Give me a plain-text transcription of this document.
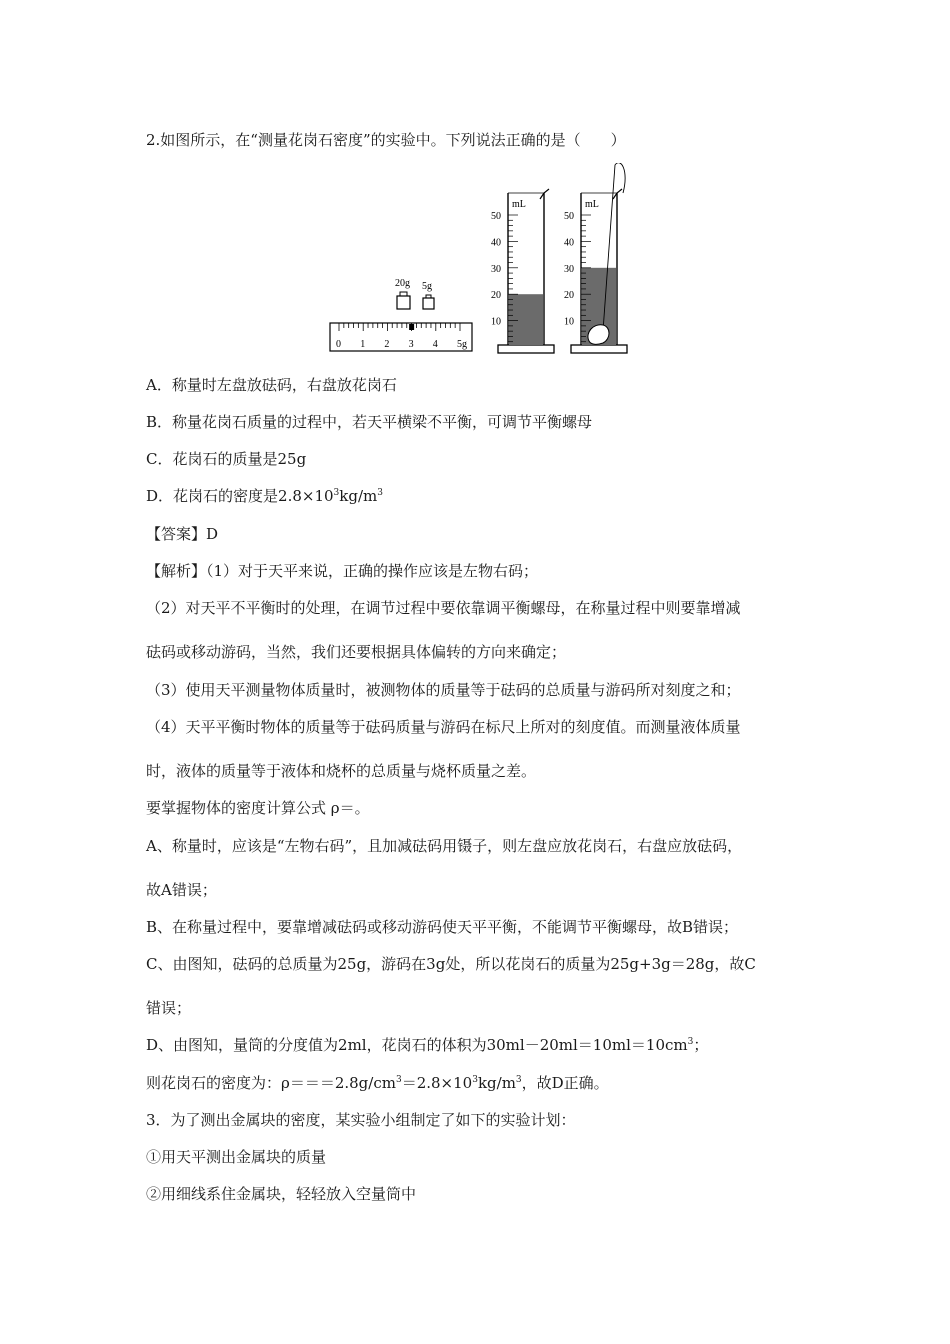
2.如图所示，在“测量花岗石密度”的实验中。下列说法正确的是（　　）
20g 5g
0 1 2 3 4 5g
mL
50
40
30
20
10
mL
50
40
30
20
10
A．称量时左盘放砝码，右盘放花岗石
B．称量花岗石质量的过程中，若天平横梁不平衡，可调节平衡螺母
C．花岗石的质量是25g
D．花岗石的密度是$2.8\times 10^3kg/m^3$
【答案】D
【解析】（1）对于天平来说，正确的操作应该是左物右码；
（2）对天平不平衡时的处理，在调节过程中要依靠调平衡螺母，在称量过程中则要靠增减
砝码或移动游码，当然，我们还要根据具体偏转的方向来确定；
（3）使用天平测量物体质量时，被测物体的质量等于砝码的总质量与游码所对刻度之和；
（4）天平平衡时物体的质量等于砝码质量与游码在标尺上所对的刻度值。而测量液体质量
时，液体的质量等于液体和烧杯的总质量与烧杯质量之差。
要掌握物体的密度计算公式 ρ＝。
A、称量时，应该是“左物右码”，且加减砝码用镊子，则左盘应放花岗石，右盘应放砝码，
故A错误；
B、在称量过程中，要靠增减砝码或移动游码使天平平衡，不能调节平衡螺母，故B错误；
C、由图知，砝码的总质量为25g，游码在3g处，所以花岗石的质量为25g+3g＝28g，故C
错误；
D、由图知，量筒的分度值为2ml，花岗石的体积为$30ml-20ml=10ml=10cm^3$；
则花岗石的密度为：$\rho===2.8g/cm^3=2.8\times 10^3kg/m^3$，故D正确。
3．为了测出金属块的密度，某实验小组制定了如下的实验计划：
①用天平测出金属块的质量
②用细线系住金属块，轻轻放入空量筒中
